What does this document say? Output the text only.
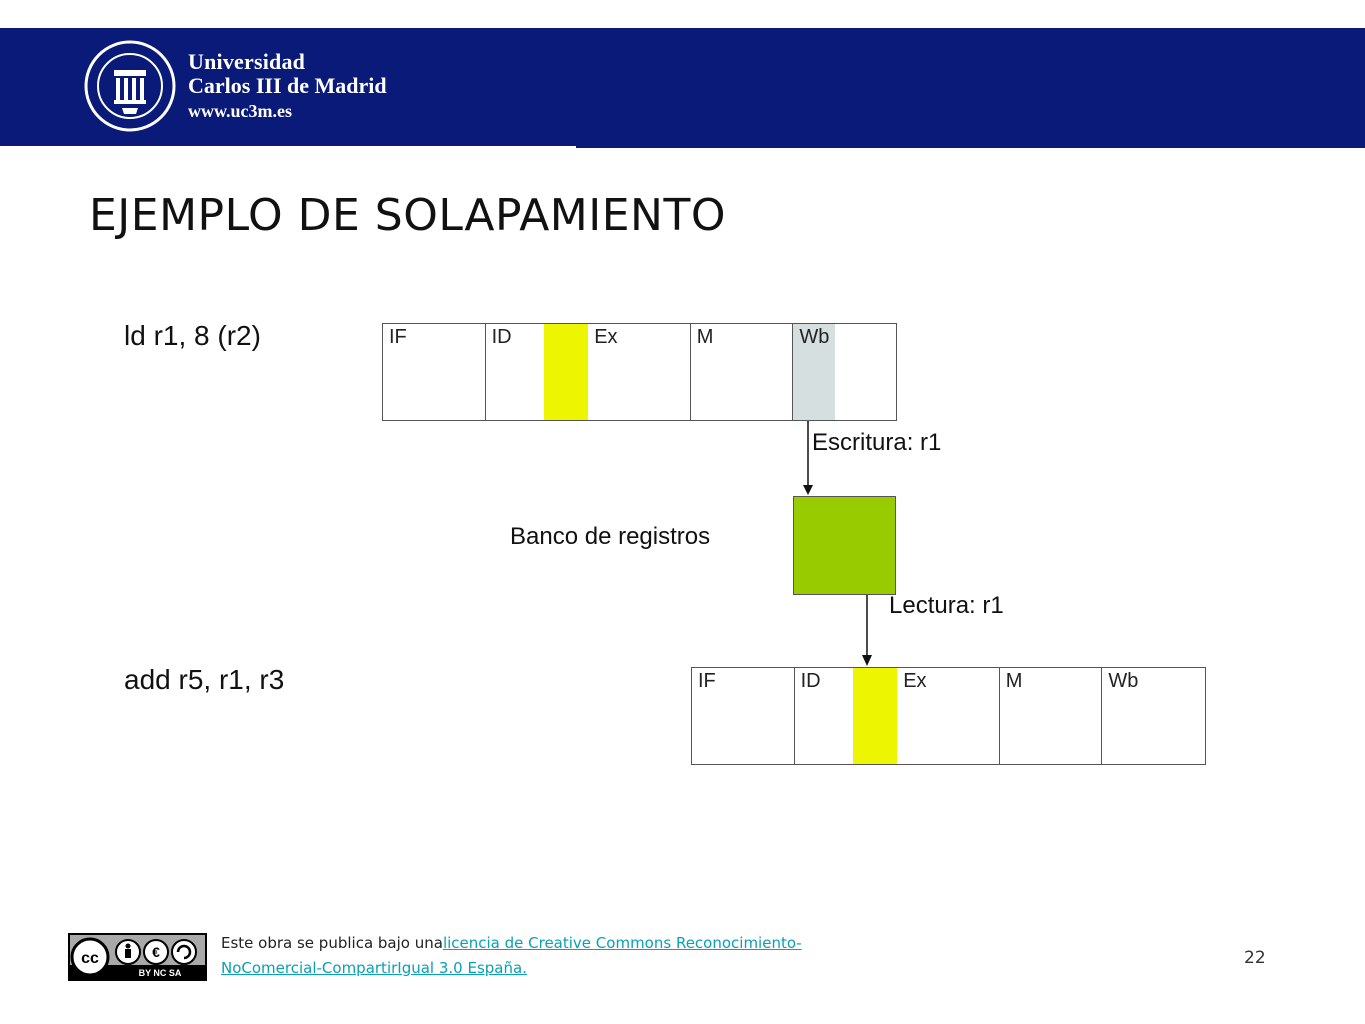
Universidad
Carlos III de Madrid
www.uc3m.es
EJEMPLO DE SOLAPAMIENTO
ld r1, 8 (r2)
add r5, r1, r3
IF	ID	Ex	M	Wb
IF	ID	Ex	M	Wb
Banco de registros
Escritura: r1
Lectura: r1
cc	€
BY NC SA
Este obra se publica bajo unalicencia de Creative Commons Reconocimiento-
NoComercial-CompartirIgual 3.0 España.	22
